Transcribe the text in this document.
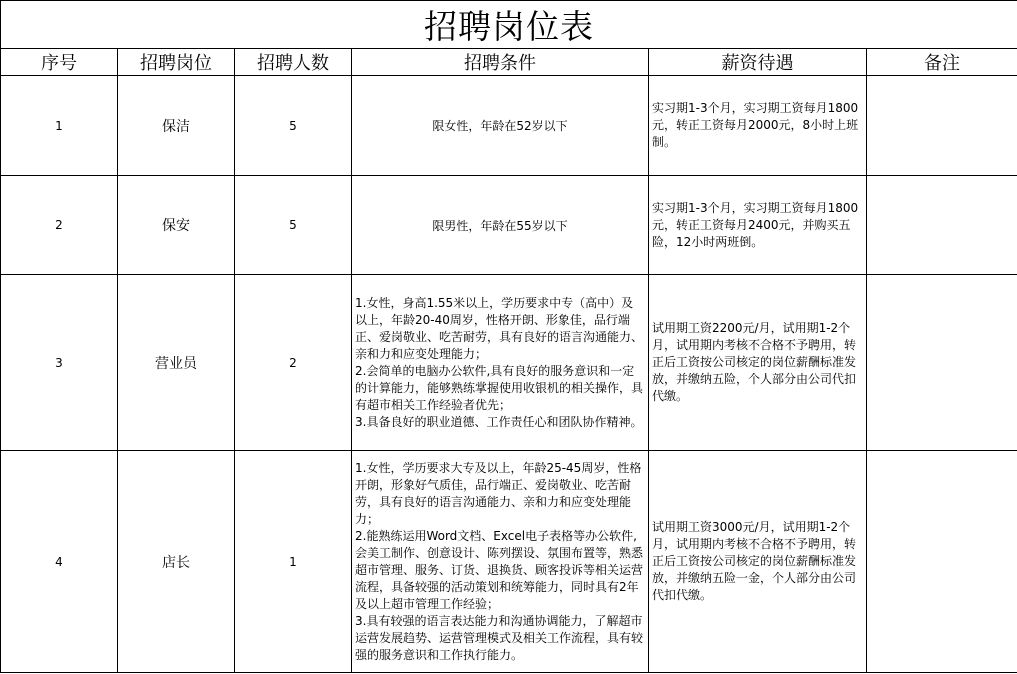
招聘岗位表					
序号	招聘岗位	招聘人数	招聘条件	薪资待遇	备注
1	保洁	5	限女性，年龄在52岁以下	实习期1-3个月，实习期工资每月1800元，转正工资每月2000元，8小时上班制。	

2	保安	5	限男性，年龄在55岁以下	实习期1-3个月，实习期工资每月1800元，转正工资每月2400元，并购买五险，12小时两班倒。	

3	营业员	2	1.女性，身高1.55米以上，学历要求中专（高中）及以上，年龄20-40周岁，性格开朗、形象佳，品行端正、爱岗敬业、吃苦耐劳，具有良好的语言沟通能力、亲和力和应变处理能力；

2.会简单的电脑办公软件,具有良好的服务意识和一定的计算能力，能够熟练掌握使用收银机的相关操作，具有超市相关工作经验者优先；

3.具备良好的职业道德、工作责任心和团队协作精神。	试用期工资2200元/月，试用期1-2个月，试用期内考核不合格不予聘用，转正后工资按公司核定的岗位薪酬标准发放，并缴纳五险，个人部分由公司代扣代缴。	

4	店长	1	1.女性，学历要求大专及以上，年龄25-45周岁，性格开朗，形象好气质佳，品行端正、爱岗敬业、吃苦耐劳，具有良好的语言沟通能力、亲和力和应变处理能力；

2.能熟练运用Word文档、Excel电子表格等办公软件,会美工制作、创意设计、陈列摆设、氛围布置等，熟悉超市管理、服务、订货、退换货、顾客投诉等相关运营流程，具备较强的活动策划和统筹能力，同时具有2年及以上超市管理工作经验；

3.具有较强的语言表达能力和沟通协调能力，了解超市运营发展趋势、运营管理模式及相关工作流程，具有较强的服务意识和工作执行能力。	试用期工资3000元/月，试用期1-2个月，试用期内考核不合格不予聘用，转正后工资按公司核定的岗位薪酬标准发放，并缴纳五险一金，个人部分由公司代扣代缴。	
